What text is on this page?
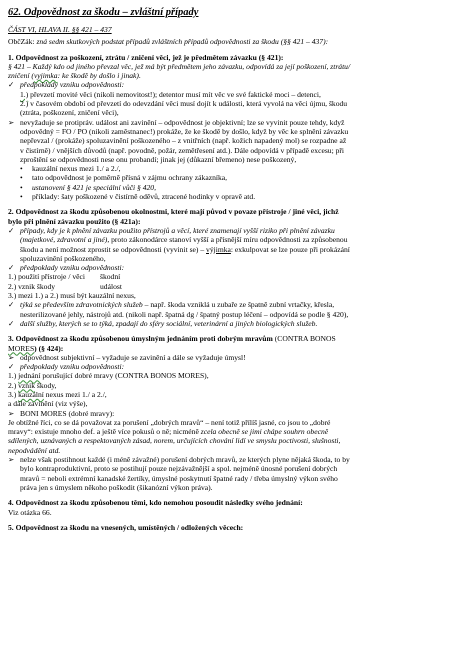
62. Odpovědnost za škodu – zvláštní případy

ČÁST VI, HLAVA II. §§ 421 – 437

ObčZák: zná sedm skutkových podstat případů zvláštních případů odpovědnosti za škodu (§§ 421 – 437):

1. Odpovědnost za poškození, ztrátu / zničení věci, jež je předmětem závazku (§ 421):

§ 421 – Každý kdo od jiného převzal věc, jež má být předmětem jeho závazku, odpovídá za její poškození, ztrátu/

zničení (vyjimka: ke škodě by došlo i jinak).

✓ předpoklady vzniku odpovědnosti:

1.) převzetí movité věci (nikoli nemovitost!); detentor musí mít věc ve své faktické moci – detenci,

2.) v časovém období od převzetí do odevzdání věci musí dojít k události, která vyvolá na věci újmu, škodu

(ztráta, poškození, zničení věci),

➢ nevyžaduje se protipráv. událost ani zavinění – odpovědnost je objektivní; lze se vyvinit pouze tehdy, když

odpovědný = FO / PO (nikoli zaměstnanec!) prokáže, že ke škodě by došlo, když by věc ke splnění závazku

nepřevzal / (prokáže) spoluzavinění poškozeného – z vnitřních (např. kožich napadený mol) se rozpadne až

v čistírně) / vnějších důvodů (např. povodně, požár, zemětřesení atd.). Dále odpovídá v případě excesu; při

zproštění se odpovědnosti nese onu probandí; jinak jej (důkazní břemeno) nese poškozený,

•	kauzální nexus mezi 1./ a 2./,
•	tato odpovědnost je poměrně přísná v zájmu ochrany zákazníka,
•	ustanovení § 421 je speciální vůči § 420,
•	příklady: šaty poškozené v čistírně oděvů, ztracené hodinky v opravě atd.

2. Odpovědnost za škodu způsobenou okolnostmi, které mají původ v povaze přístroje / jiné věci, jichž

bylo při plnění závazku použito (§ 421a):

✓ případy, kdy je k plnění závazku použito přístrojů a věcí, které znamenají vyšší riziko při plnění závazku

(majetkové, zdravotní a jiné), proto zákonodárce stanoví vyšší a přísnější míru odpovědnosti za způsobenou

škodu a není možnost zprostit se odpovědnosti (vyvinit se) – výjimka: exkulpovat se lze pouze při prokázání

spoluzavinění poškozeného,

✓ předpoklady vzniku odpovědnosti:
1.) použití přístroje / věci	škodní
2.) vznik škody	událost

3.) mezi 1.) a 2.) musí být kauzální nexus,

✓ týká se především zdravotnických služeb – např. škoda vzniklá u zubaře ze špatně zubní vrtačky, křesla,

nesterilizované jehly, nástrojů atd. (nikoli např. špatná dg / špatný postup léčení – odpovídá se podle § 420),

✓ další služby, kterých se to týká, zpadají do sféry sociální, veterinární a jiných biologických služeb.

3. Odpovědnost za škodu způsobenou úmyslným jednáním proti dobrým mravům (CONTRA BONOS

MORES) (§ 424):

➢ odpovědnost subjektivní – vyžaduje se zavinění a dále se vyžaduje úmysl!
✓ předpoklady vzniku odpovědnosti:

1.) jednání porušující dobré mravy (CONTRA BONOS MORES),

2.) vznik škody,

3.) kauzální nexus mezi 1./ a 2./,

a dále zavinění (viz výše),

➢ BONI MORES (dobré mravy):

Je obtížné říci, co se dá považovat za porušení „dobrých mravů“ – není totiž přílíš jasné, co jsou to „dobré

mravy“: existuje mnoho def. a ještě více pokusů o ně; nicméně zcela obecně se jimi chápe souhrn obecně

sdílených, uznávaných a respektovaných zásad, norem, určujících chování lidí ve smyslu poctivosti, slušnosti,

nepodvádění atd.

➢ nelze však postihnout každé (i méně závažné) porušení dobrých mravů, ze kterých plyne nějaká škoda, to by

bylo kontraproduktivní, proto se postihují pouze nejzávažnější a spol. nejméně únosné porušení dobrých

mravů = neboli extrémní kanadské žertíky, úmyslné poskytnutí špatné rady / třeba úmyslný výkon svého

práva jen s úmyslem někoho poškodit (šikanózní výkon práva).

4. Odpovědnost za škodu způsobenou těmi, kdo nemohou posoudit následky svého jednání:

Viz otázka 66.

5. Odpovědnost za škodu na vnesených, umístěných / odložených věcech:
